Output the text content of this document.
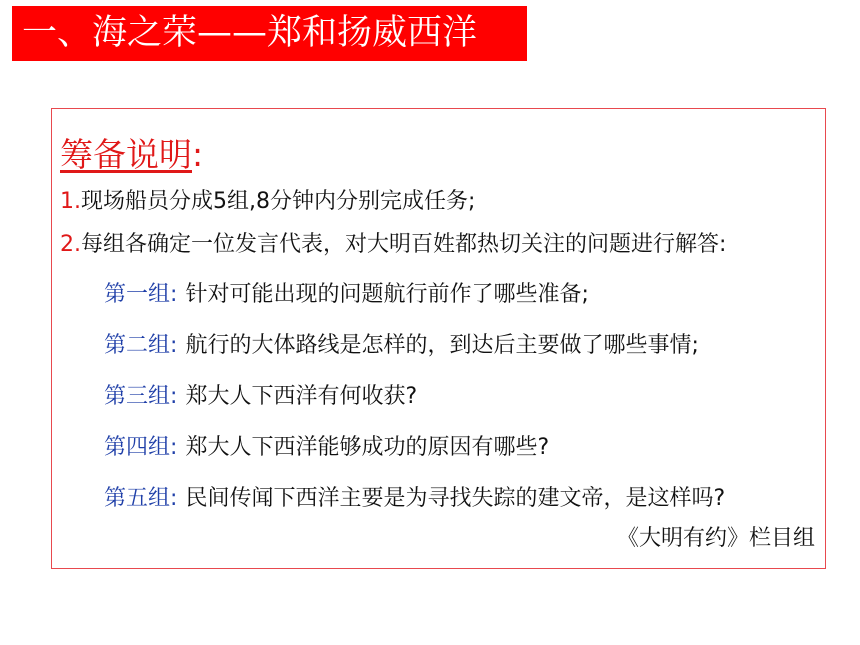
一、海之荣——郑和扬威西洋
筹备说明:
1.现场船员分成5组,8分钟内分别完成任务;
2.每组各确定一位发言代表，对大明百姓都热切关注的问题进行解答:
第一组: 针对可能出现的问题航行前作了哪些准备;
第二组: 航行的大体路线是怎样的，到达后主要做了哪些事情;
第三组: 郑大人下西洋有何收获?
第四组: 郑大人下西洋能够成功的原因有哪些?
第五组: 民间传闻下西洋主要是为寻找失踪的建文帝，是这样吗?
《大明有约》栏目组
